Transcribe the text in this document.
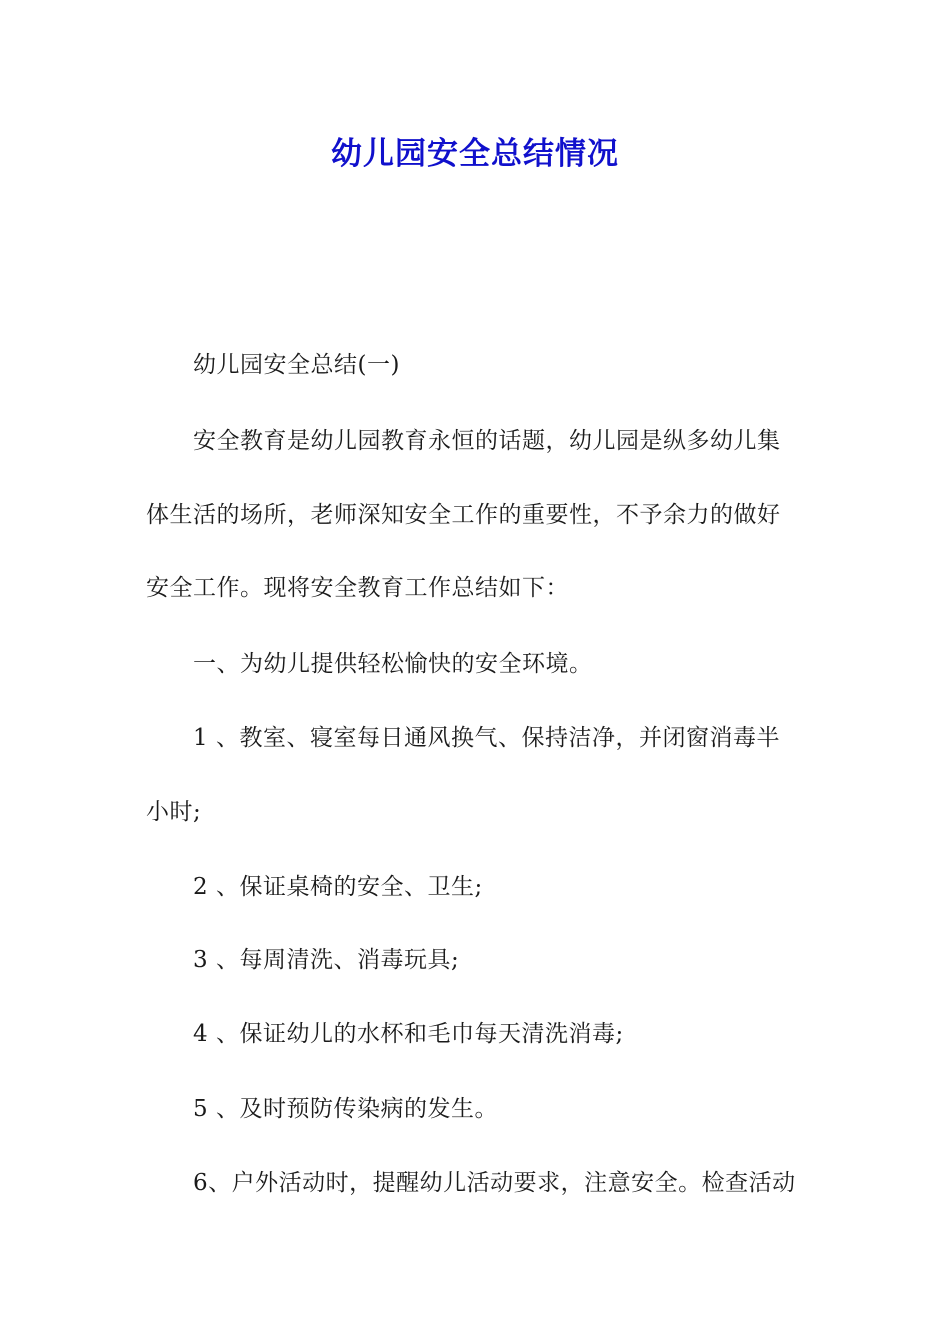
幼儿园安全总结情况
幼儿园安全总结(一)
安全教育是幼儿园教育永恒的话题，幼儿园是纵多幼儿集
体生活的场所，老师深知安全工作的重要性，不予余力的做好
安全工作。现将安全教育工作总结如下：
一、为幼儿提供轻松愉快的安全环境。
1 、教室、寝室每日通风换气、保持洁净，并闭窗消毒半
小时;
2 、保证桌椅的安全、卫生;
3 、每周清洗、消毒玩具;
4 、保证幼儿的水杯和毛巾每天清洗消毒;
5 、及时预防传染病的发生。
6、户外活动时，提醒幼儿活动要求，注意安全。检查活动
